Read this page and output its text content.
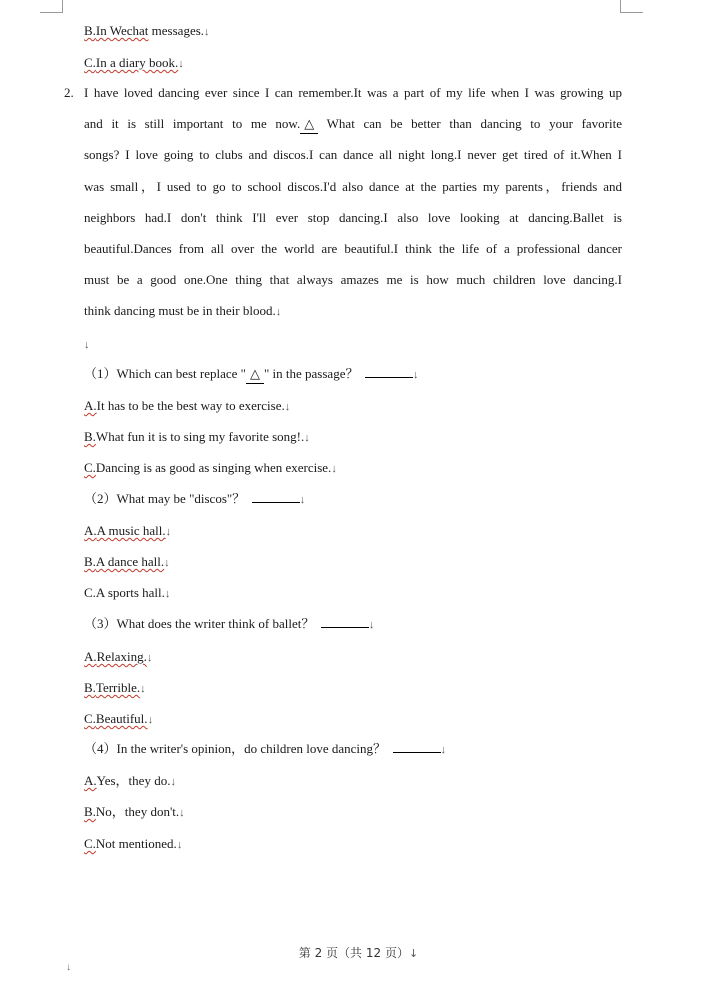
B.In Wechat messages.↓
C.In a diary book.↓
2. I have loved dancing ever since I can remember.It was a part of my life when I was growing up
and it is still important to me now. △ What can be better than dancing to your favorite
songs? I love going to clubs and discos.I can dance all night long.I never get tired of it.When I
was small，I used to go to school discos.I'd also dance at the parties my parents，friends and
neighbors had.I don't think I'll ever stop dancing.I also love looking at dancing.Ballet is
beautiful.Dances from all over the world are beautiful.I think the life of a professional dancer
must be a good one.One thing that always amazes me is how much children love dancing.I
think dancing must be in their blood.↓
↓
（1）Which can best replace " △ " in the passage？	↓
A.It has to be the best way to exercise.↓
B.What fun it is to sing my favorite song!.↓
C.Dancing is as good as singing when exercise.↓
（2）What may be "discos"？	↓
A.A music hall.↓
B.A dance hall.↓
C.A sports hall.↓
（3）What does the writer think of ballet？	↓
A.Relaxing.↓
B.Terrible.↓
C.Beautiful.↓
（4）In the writer's opinion，do children love dancing？	↓
A.Yes，they do.↓
B.No，they don't.↓
C.Not mentioned.↓
第 2 页（共 12 页）↓
↓
